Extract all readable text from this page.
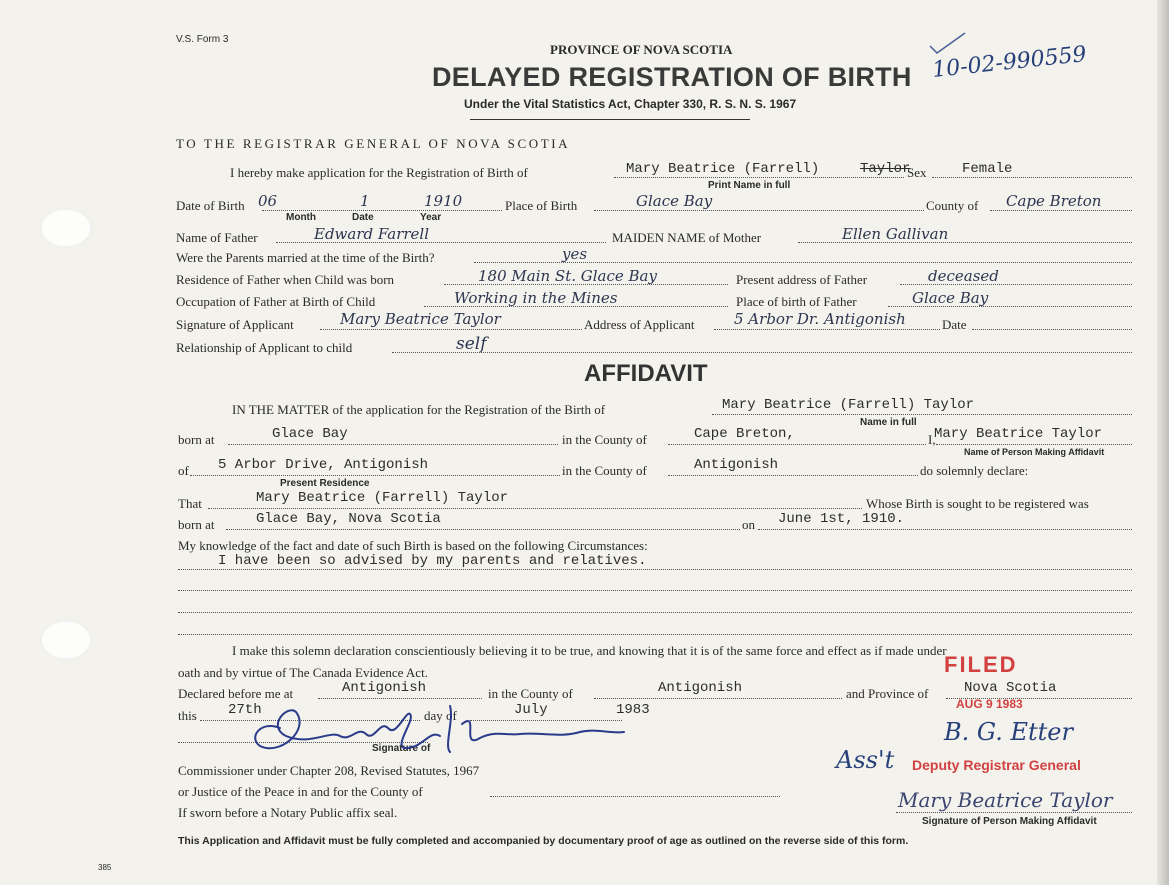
V.S. Form 3
PROVINCE OF NOVA SCOTIA
DELAYED REGISTRATION OF BIRTH
Under the Vital Statistics Act, Chapter 330, R. S. N. S. 1967
10-02-990559
TO THE REGISTRAR GENERAL OF NOVA SCOTIA
I hereby make application for the Registration of Birth of	Mary Beatrice (Farrell)	Taylor
Sex	Female
Print Name in full
Date of Birth 06	1	1910
Month	Date	Year
Place of Birth	Glace Bay	County of Cape Breton
Name of Father	Edward Farrell	MAIDEN NAME of Mother	Ellen Gallivan
Were the Parents married at the time of the Birth?	yes
Residence of Father when Child was born	180 Main St. Glace Bay	Present address of Father	deceased
Occupation of Father at Birth of Child	Working in the Mines	Place of birth of Father	Glace Bay
Signature of Applicant	Mary Beatrice Taylor	Address of Applicant	5 Arbor Dr. Antigonish	Date
Relationship of Applicant to child	self
AFFIDAVIT
IN THE MATTER of the application for the Registration of the Birth of	Mary Beatrice (Farrell) Taylor
Name in full
born at	Glace Bay	in the County of	Cape Breton,	I,
Mary Beatrice Taylor
Name of Person Making Affidavit
of 5 Arbor Drive, Antigonish
Present Residence
in the County of	Antigonish	do solemnly declare:
That	Mary Beatrice (Farrell) Taylor	Whose Birth is sought to be registered was
born at	Glace Bay, Nova Scotia	on June 1st, 1910.
My knowledge of the fact and date of such Birth is based on the following Circumstances:
I have been so advised by my parents and relatives.
I make this solemn declaration conscientiously believing it to be true, and knowing that it is of the same force and effect as if made under
oath and by virtue of The Canada Evidence Act.
Declared before me at	Antigonish	in the County of	Antigonish	and Province of	Nova Scotia
this 27th	day of	July	1983
Signature of
Commissioner under Chapter 208, Revised Statutes, 1967
or Justice of the Peace in and for the County of
If sworn before a Notary Public affix seal.
FILED
AUG 9 1983
B. G. Etter
Ass't Deputy Registrar General
Mary Beatrice Taylor
Signature of Person Making Affidavit
This Application and Affidavit must be fully completed and accompanied by documentary proof of age as outlined on the reverse side of this form.
385
